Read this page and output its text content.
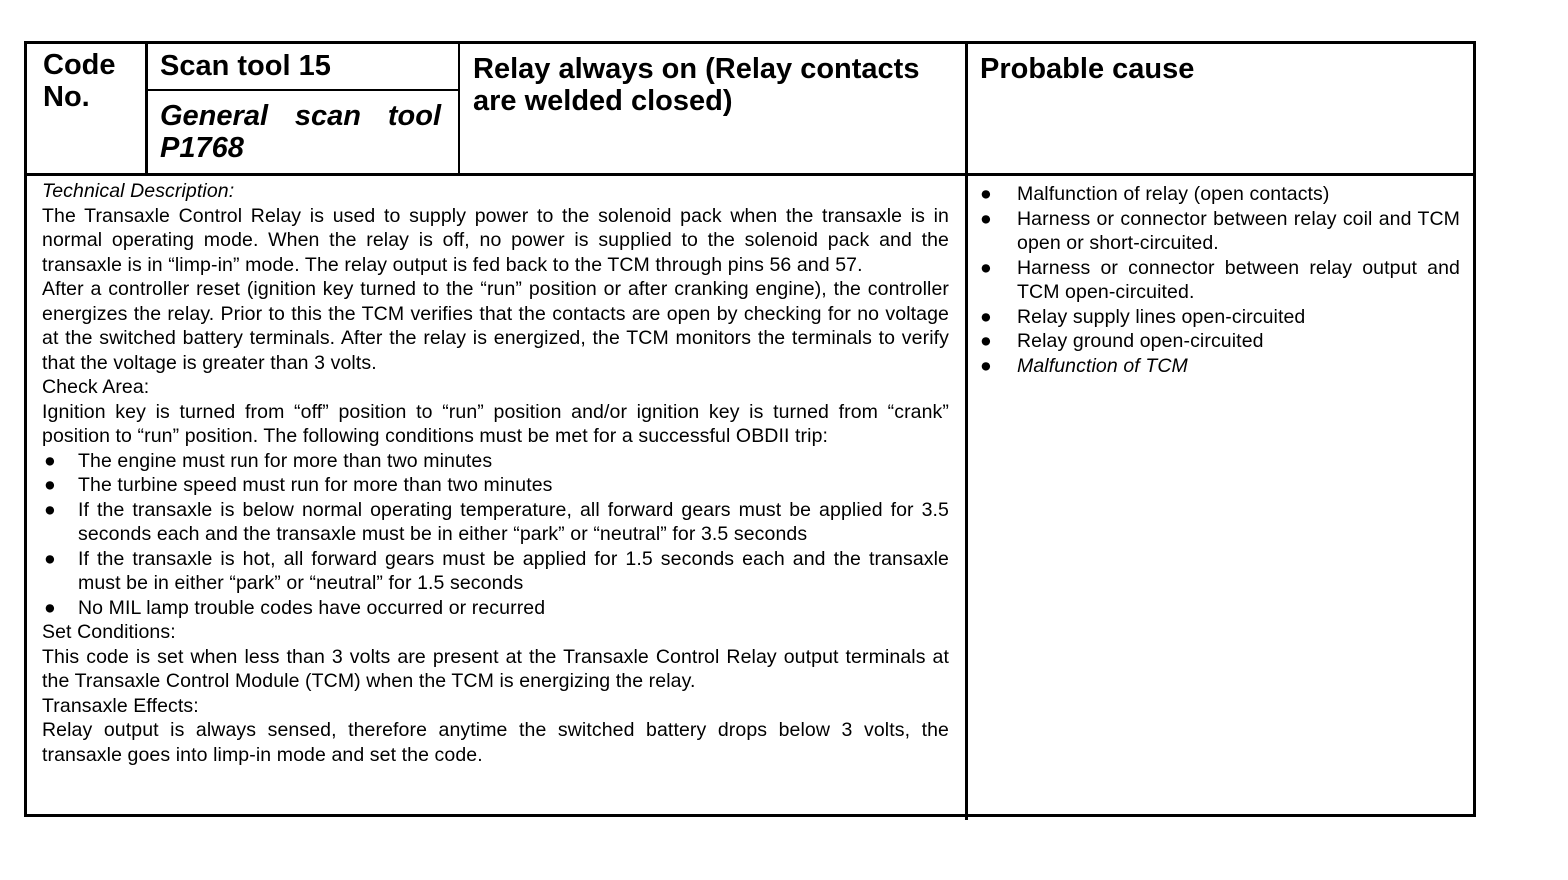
Code No.
Scan tool 15
General scan tool P1768
Relay always on (Relay contacts are welded closed)
Probable cause

Technical Description:

The Transaxle Control Relay is used to supply power to the solenoid pack when the transaxle is in normal operating mode. When the relay is off, no power is supplied to the solenoid pack and the transaxle is in “limp-in” mode. The relay output is fed back to the TCM through pins 56 and 57.

After a controller reset (ignition key turned to the “run” position or after cranking engine), the controller energizes the relay. Prior to this the TCM verifies that the contacts are open by checking for no voltage at the switched battery terminals. After the relay is energized, the TCM monitors the terminals to verify that the voltage is greater than 3 volts.

Check Area:

Ignition key is turned from “off” position to “run” position and/or ignition key is turned from “crank” position to “run” position. The following conditions must be met for a successful OBDII trip:

● The engine must run for more than two minutes
● The turbine speed must run for more than two minutes
● If the transaxle is below normal operating temperature, all forward gears must be applied for 3.5 seconds each and the transaxle must be in either “park” or “neutral” for 3.5 seconds
● If the transaxle is hot, all forward gears must be applied for 1.5 seconds each and the transaxle must be in either “park” or “neutral” for 1.5 seconds
● No MIL lamp trouble codes have occurred or recurred

Set Conditions:

This code is set when less than 3 volts are present at the Transaxle Control Relay output terminals at the Transaxle Control Module (TCM) when the TCM is energizing the relay.

Transaxle Effects:

Relay output is always sensed, therefore anytime the switched battery drops below 3 volts, the transaxle goes into limp-in mode and set the code.

● Malfunction of relay (open contacts)
● Harness or connector between relay coil and TCM open or short-circuited.
● Harness or connector between relay output and TCM open-circuited.
● Relay supply lines open-circuited
● Relay ground open-circuited
● Malfunction of TCM
